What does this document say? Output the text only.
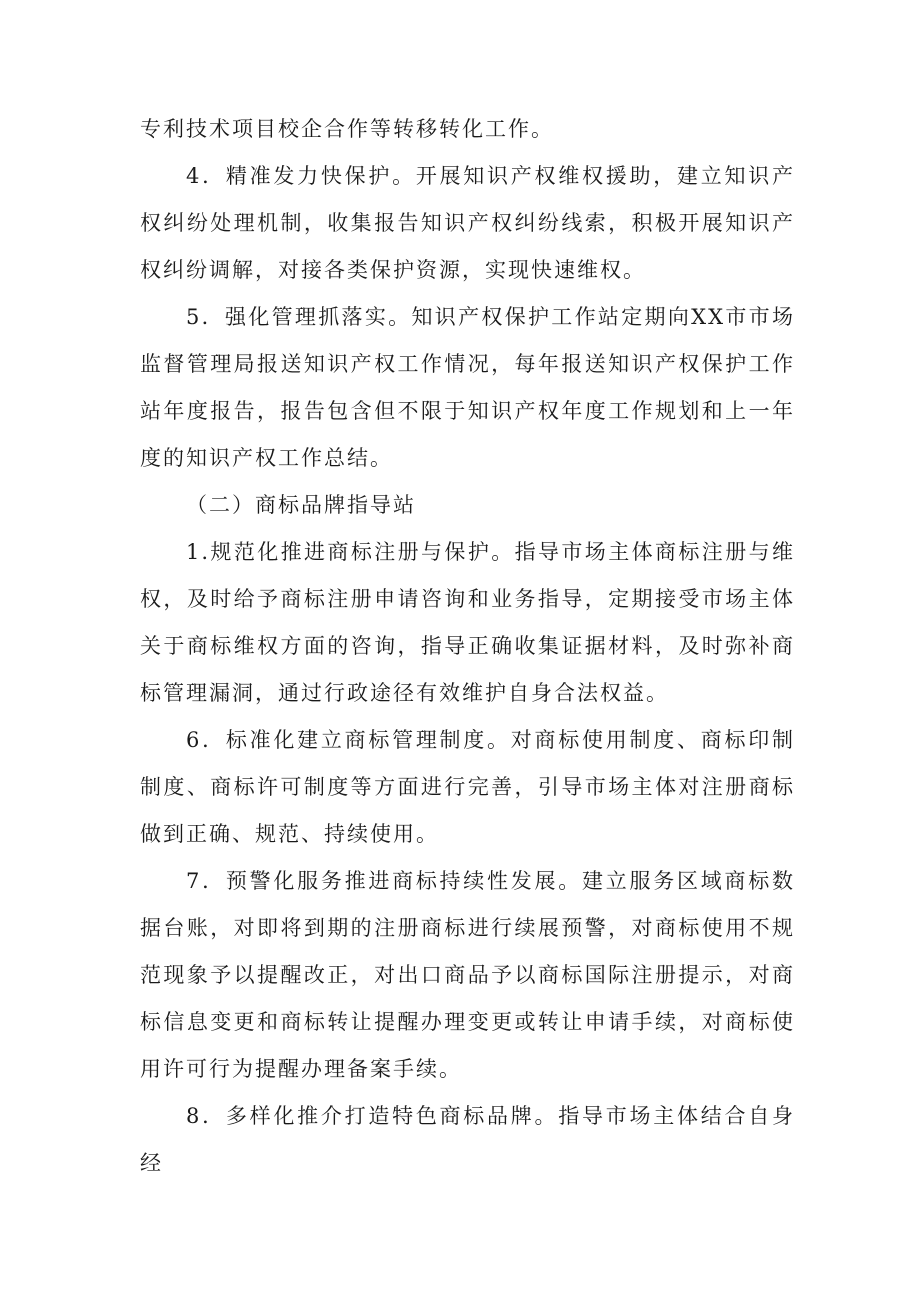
专利技术项目校企合作等转移转化工作。

4．精准发力快保护。开展知识产权维权援助，建立知识产权纠纷处理机制，收集报告知识产权纠纷线索，积极开展知识产权纠纷调解，对接各类保护资源，实现快速维权。

5．强化管理抓落实。知识产权保护工作站定期向XX市市场监督管理局报送知识产权工作情况，每年报送知识产权保护工作站年度报告，报告包含但不限于知识产权年度工作规划和上一年度的知识产权工作总结。

（二）商标品牌指导站

1.规范化推进商标注册与保护。指导市场主体商标注册与维权，及时给予商标注册申请咨询和业务指导，定期接受市场主体关于商标维权方面的咨询，指导正确收集证据材料，及时弥补商标管理漏洞，通过行政途径有效维护自身合法权益。

6．标准化建立商标管理制度。对商标使用制度、商标印制制度、商标许可制度等方面进行完善，引导市场主体对注册商标做到正确、规范、持续使用。

7．预警化服务推进商标持续性发展。建立服务区域商标数据台账，对即将到期的注册商标进行续展预警，对商标使用不规范现象予以提醒改正，对出口商品予以商标国际注册提示，对商标信息变更和商标转让提醒办理变更或转让申请手续，对商标使用许可行为提醒办理备案手续。

8．多样化推介打造特色商标品牌。指导市场主体结合自身经
